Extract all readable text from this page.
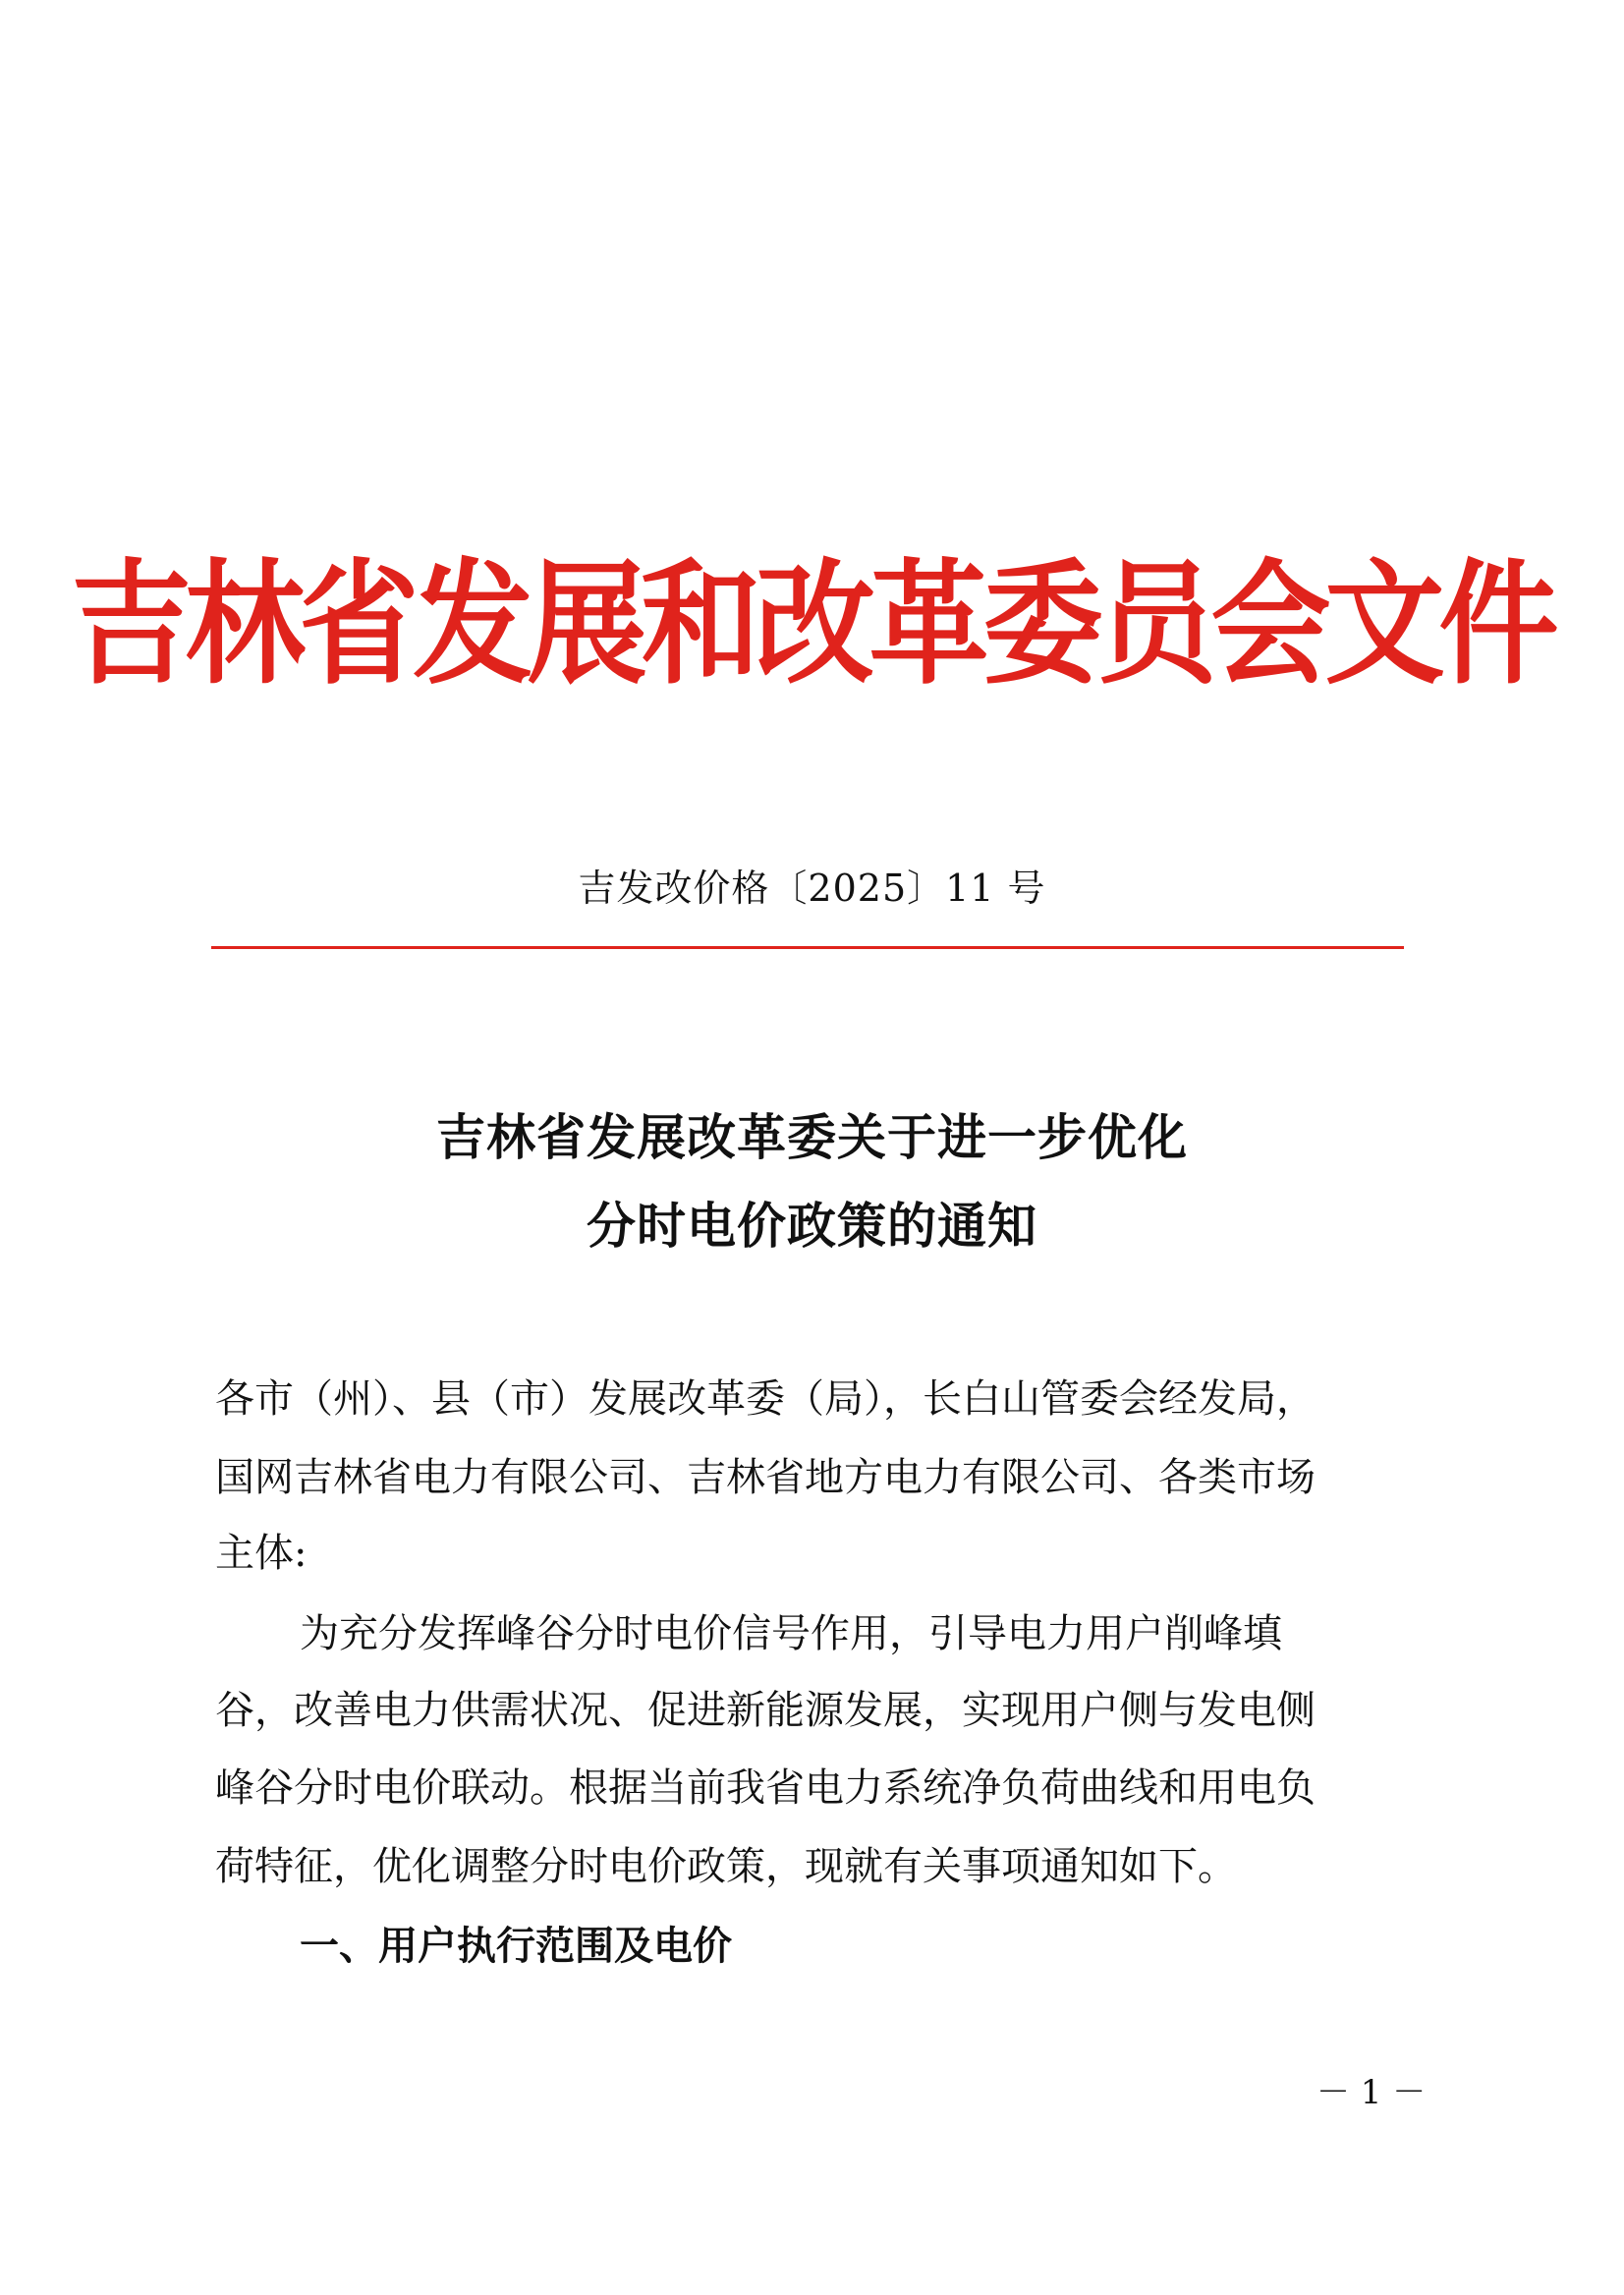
吉林省发展和改革委员会文件
吉发改价格〔2025〕11 号
吉林省发展改革委关于进一步优化
分时电价政策的通知
各市（州）、县（市）发展改革委（局），长白山管委会经发局，
国网吉林省电力有限公司、吉林省地方电力有限公司、各类市场
主体:
为充分发挥峰谷分时电价信号作用，引导电力用户削峰填
谷，改善电力供需状况、促进新能源发展，实现用户侧与发电侧
峰谷分时电价联动。根据当前我省电力系统净负荷曲线和用电负
荷特征，优化调整分时电价政策，现就有关事项通知如下。
一、用户执行范围及电价
－ 1 －
